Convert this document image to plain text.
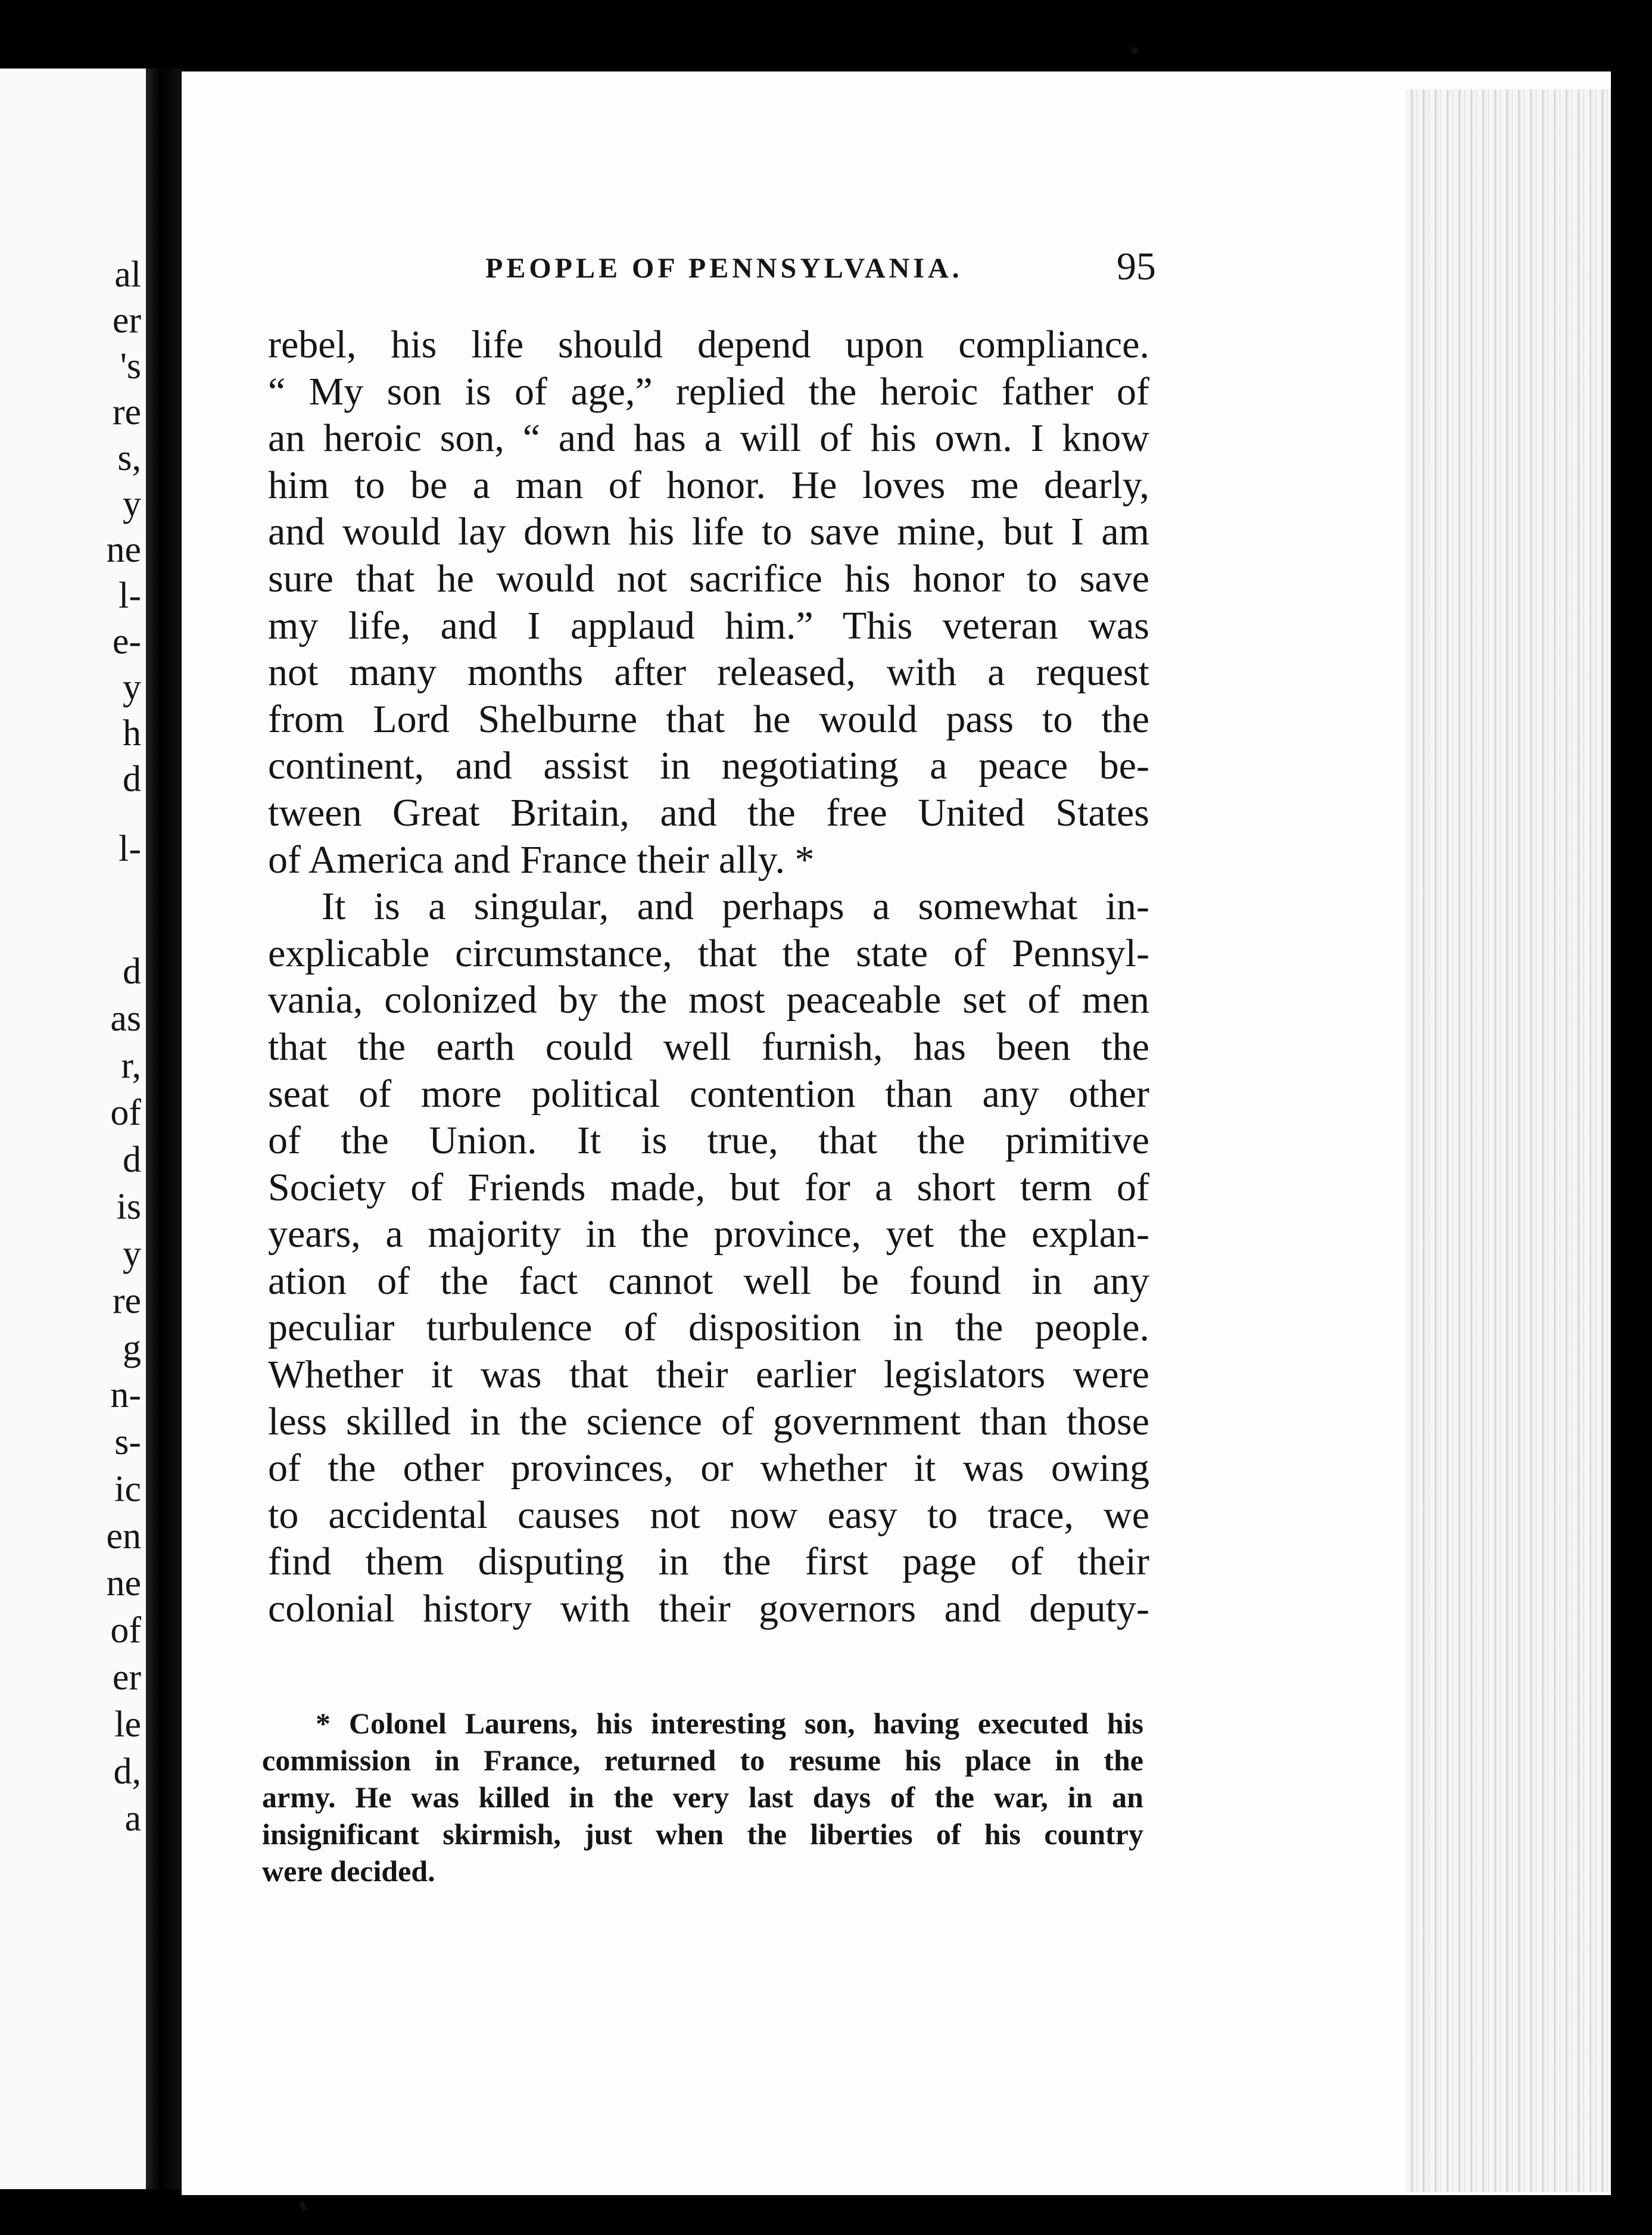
al
er
's
re
s,
y
ne
l-
e-
y
h
d
l-
d
as
r,
of
d
is
y
re
g
n-
s-
ic
en
ne
of
er
le
d,
a
PEOPLE OF PENNSYLVANIA.	95
rebel, his life should depend upon compliance.
“ My son is of age,” replied the heroic father of
an heroic son, “ and has a will of his own. I know
him to be a man of honor. He loves me dearly,
and would lay down his life to save mine, but I am
sure that he would not sacrifice his honor to save
my life, and I applaud him.” This veteran was
not many months after released, with a request
from Lord Shelburne that he would pass to the
continent, and assist in negotiating a peace be-
tween Great Britain, and the free United States
of America and France their ally. *
It is a singular, and perhaps a somewhat in-
explicable circumstance, that the state of Pennsyl-
vania, colonized by the most peaceable set of men
that the earth could well furnish, has been the
seat of more political contention than any other
of the Union. It is true, that the primitive
Society of Friends made, but for a short term of
years, a majority in the province, yet the explan-
ation of the fact cannot well be found in any
peculiar turbulence of disposition in the people.
Whether it was that their earlier legislators were
less skilled in the science of government than those
of the other provinces, or whether it was owing
to accidental causes not now easy to trace, we
find them disputing in the first page of their
colonial history with their governors and deputy-
* Colonel Laurens, his interesting son, having executed his
commission in France, returned to resume his place in the
army. He was killed in the very last days of the war, in an
insignificant skirmish, just when the liberties of his country
were decided.
